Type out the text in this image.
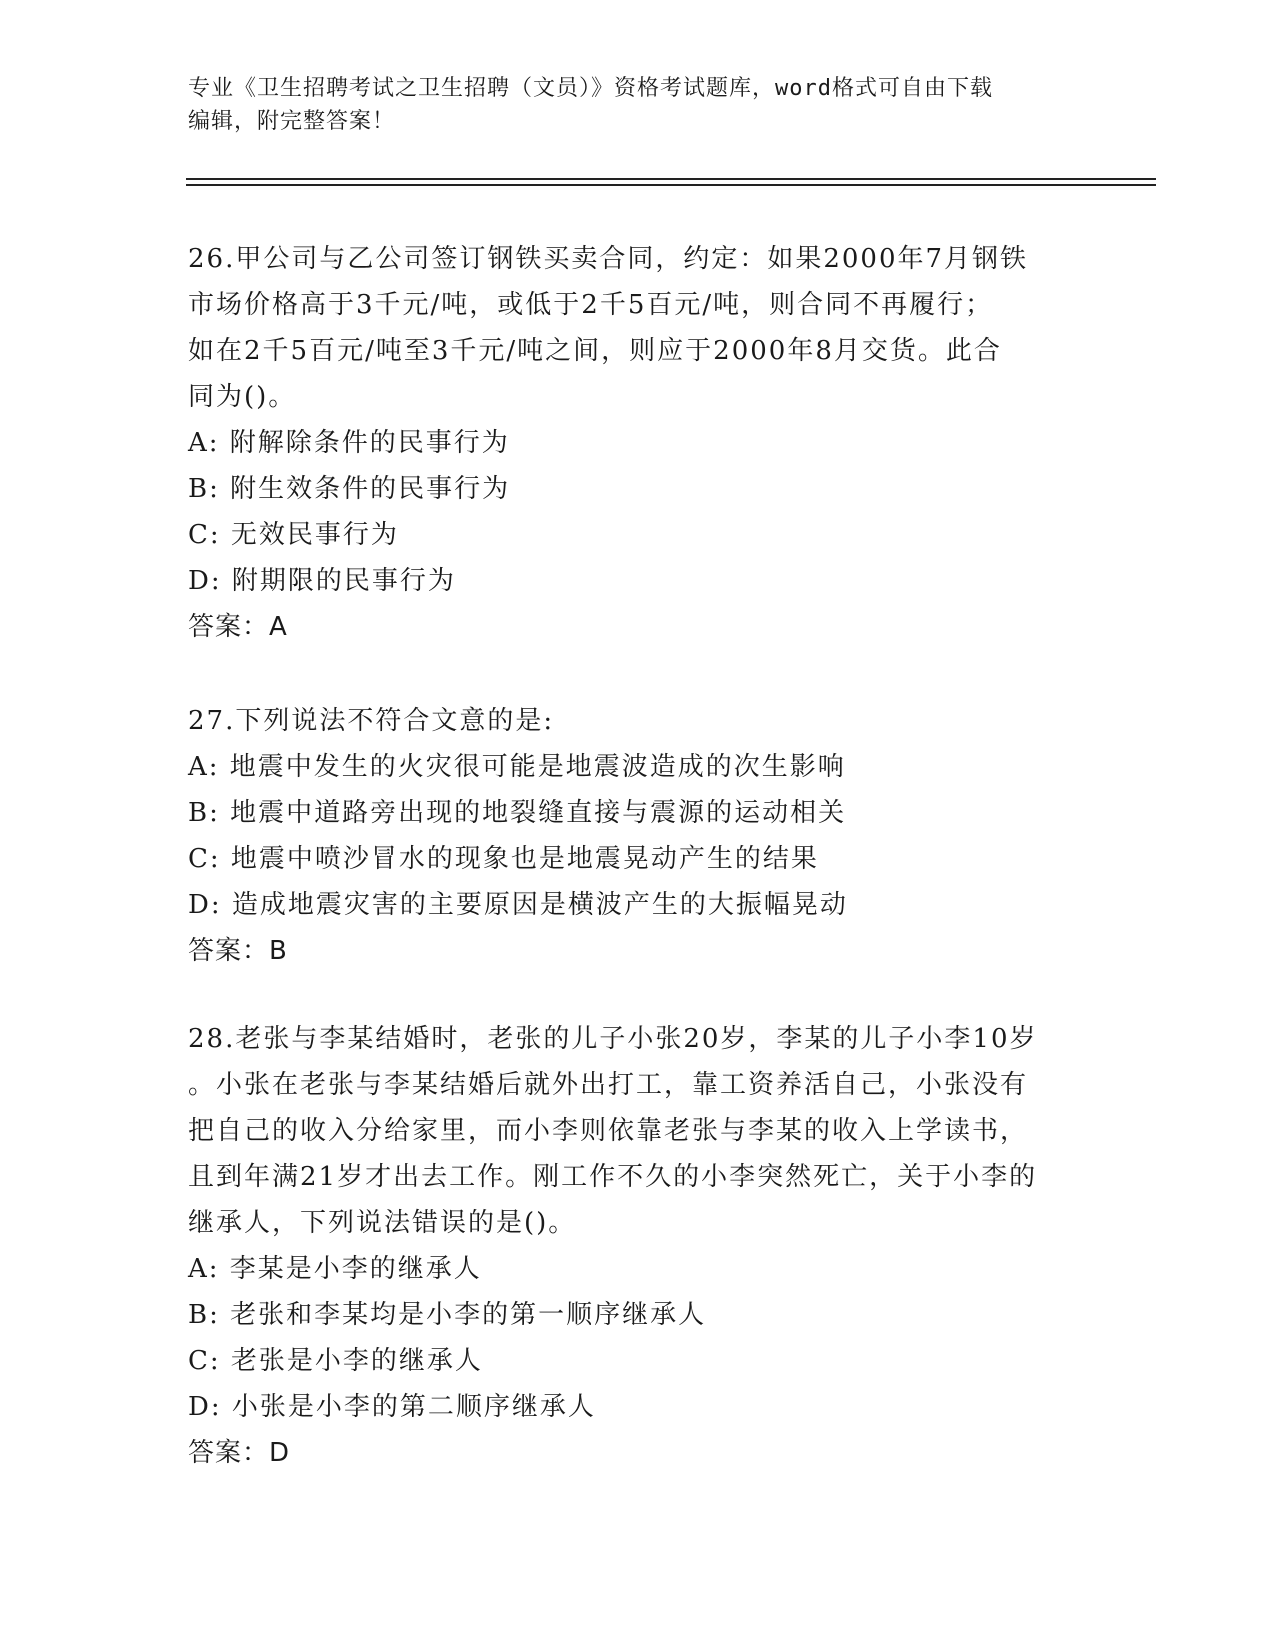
专业《卫生招聘考试之卫生招聘（文员）》资格考试题库，word格式可自由下载

编辑，附完整答案！

26.甲公司与乙公司签订钢铁买卖合同，约定：如果2000年7月钢铁

市场价格高于3千元/吨，或低于2千5百元/吨，则合同不再履行；

如在2千5百元/吨至3千元/吨之间，则应于2000年8月交货。此合

同为()。

A: 附解除条件的民事行为

B: 附生效条件的民事行为

C: 无效民事行为

D: 附期限的民事行为

答案：A

27.下列说法不符合文意的是:

A: 地震中发生的火灾很可能是地震波造成的次生影响

B: 地震中道路旁出现的地裂缝直接与震源的运动相关

C: 地震中喷沙冒水的现象也是地震晃动产生的结果

D: 造成地震灾害的主要原因是横波产生的大振幅晃动

答案：B

28.老张与李某结婚时，老张的儿子小张20岁，李某的儿子小李10岁

。小张在老张与李某结婚后就外出打工，靠工资养活自己，小张没有

把自己的收入分给家里，而小李则依靠老张与李某的收入上学读书，

且到年满21岁才出去工作。刚工作不久的小李突然死亡，关于小李的

继承人，下列说法错误的是()。

A: 李某是小李的继承人

B: 老张和李某均是小李的第一顺序继承人

C: 老张是小李的继承人

D: 小张是小李的第二顺序继承人

答案：D
